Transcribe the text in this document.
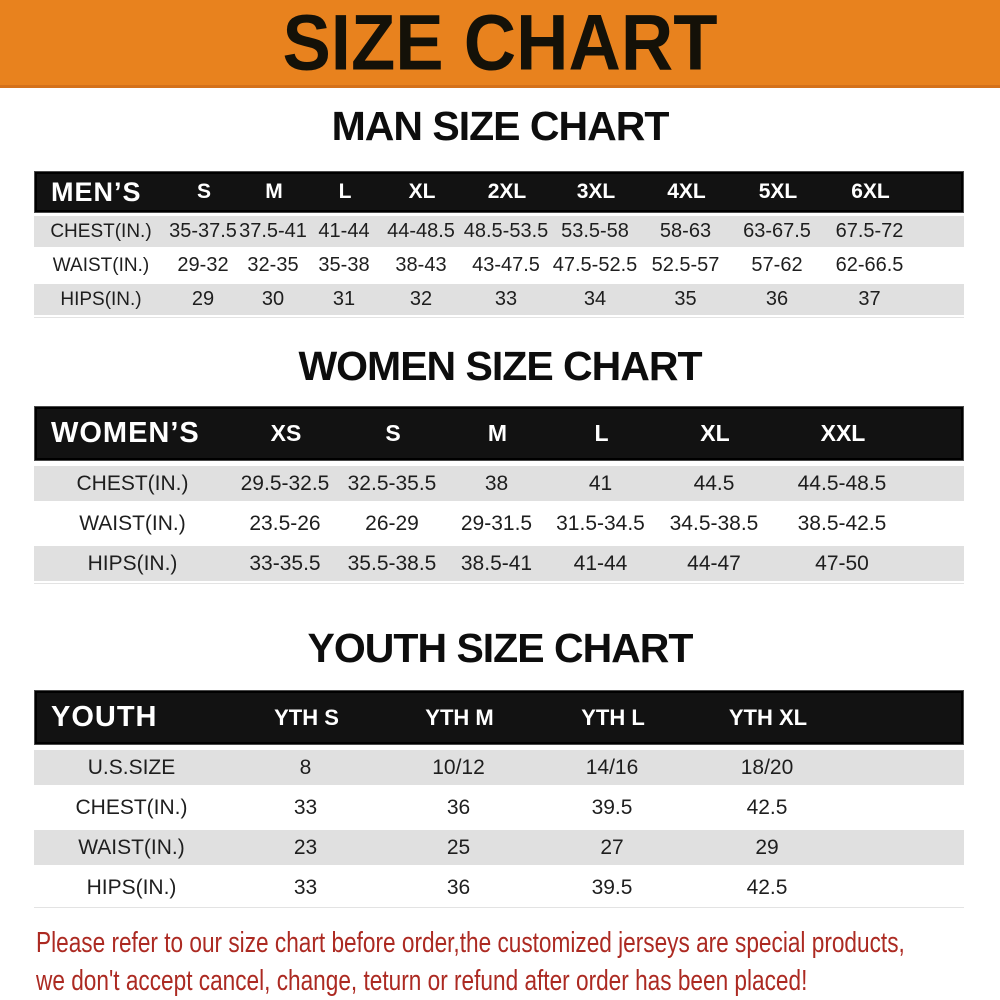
SIZE CHART
MAN SIZE CHART
MEN’S	S	M	L	XL	2XL	3XL	4XL	5XL	6XL
CHEST(IN.) 35-37.5 37.5-41 41-44 44-48.5 48.5-53.5 53.5-58	58-63	63-67.5	67.5-72
WAIST(IN.)	29-32 32-35 35-38	38-43	43-47.5 47.5-52.5 52.5-57	57-62	62-66.5
HIPS(IN.)	29	30	31	32	33	34	35	36	37
WOMEN SIZE CHART
WOMEN’S	XS	S	M	L	XL	XXL
CHEST(IN.)	29.5-32.5 32.5-35.5	38	41	44.5	44.5-48.5
WAIST(IN.)	23.5-26	26-29	29-31.5	31.5-34.5	34.5-38.5	38.5-42.5
HIPS(IN.)	33-35.5	35.5-38.5	38.5-41	41-44	44-47	47-50
YOUTH SIZE CHART
YOUTH	YTH S	YTH M	YTH L	YTH XL
U.S.SIZE	8	10/12	14/16	18/20
CHEST(IN.)	33	36	39.5	42.5
WAIST(IN.)	23	25	27	29
HIPS(IN.)	33	36	39.5	42.5

Please refer to our size chart before order,the customized jerseys are special products,

we don't accept cancel, change, teturn or refund after order has been placed!
